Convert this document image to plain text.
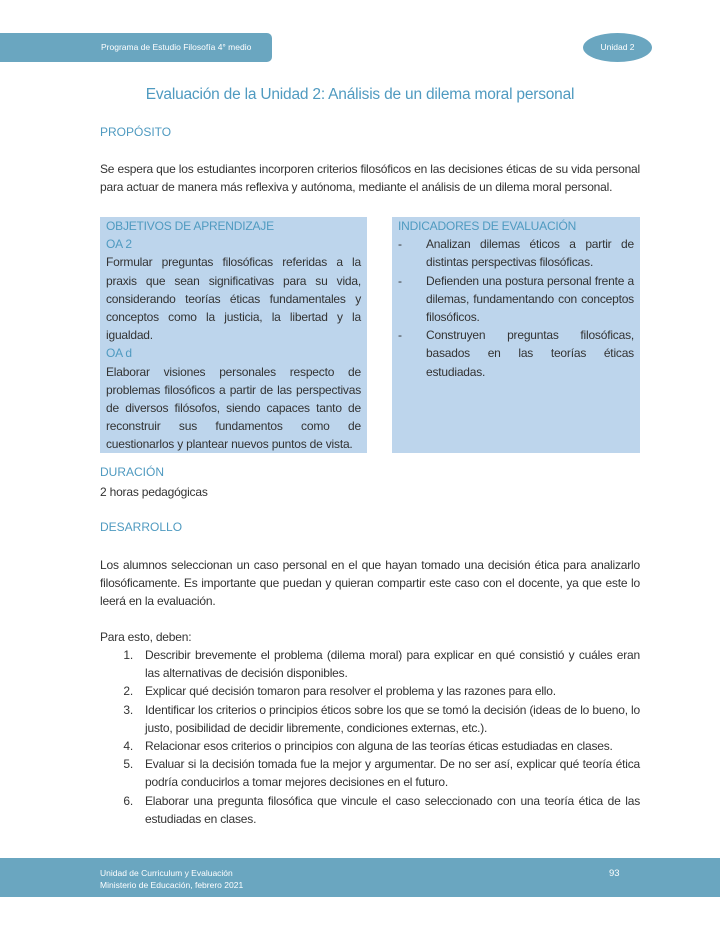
Programa de Estudio Filosofía 4° medio	Unidad 2
Evaluación de la Unidad 2: Análisis de un dilema moral personal
PROPÓSITO
Se espera que los estudiantes incorporen criterios filosóficos en las decisiones éticas de su vida personal para actuar de manera más reflexiva y autónoma, mediante el análisis de un dilema moral personal.
OBJETIVOS DE APRENDIZAJE
OA 2
Formular preguntas filosóficas referidas a la praxis que sean significativas para su vida, considerando teorías éticas fundamentales y conceptos como la justicia, la libertad y la igualdad.
OA d
Elaborar visiones personales respecto de problemas filosóficos a partir de las perspectivas de diversos filósofos, siendo capaces tanto de reconstruir sus fundamentos como de cuestionarlos y plantear nuevos puntos de vista.
INDICADORES DE EVALUACIÓN
-	Analizan dilemas éticos a partir de distintas perspectivas filosóficas.
-	Defienden una postura personal frente a dilemas, fundamentando con conceptos filosóficos.
-	Construyen preguntas filosóficas, basados en las teorías éticas estudiadas.
DURACIÓN
2 horas pedagógicas
DESARROLLO
Los alumnos seleccionan un caso personal en el que hayan tomado una decisión ética para analizarlo filosóficamente. Es importante que puedan y quieran compartir este caso con el docente, ya que este lo leerá en la evaluación.
Para esto, deben:
1.	Describir brevemente el problema (dilema moral) para explicar en qué consistió y cuáles eran las alternativas de decisión disponibles.
2.	Explicar qué decisión tomaron para resolver el problema y las razones para ello.
3.	Identificar los criterios o principios éticos sobre los que se tomó la decisión (ideas de lo bueno, lo justo, posibilidad de decidir libremente, condiciones externas, etc.).
4.	Relacionar esos criterios o principios con alguna de las teorías éticas estudiadas en clases.
5.	Evaluar si la decisión tomada fue la mejor y argumentar. De no ser así, explicar qué teoría ética podría conducirlos a tomar mejores decisiones en el futuro.
6.	Elaborar una pregunta filosófica que vincule el caso seleccionado con una teoría ética de las estudiadas en clases.
Unidad de Curriculum y Evaluación
Ministerio de Educación, febrero 2021
93
